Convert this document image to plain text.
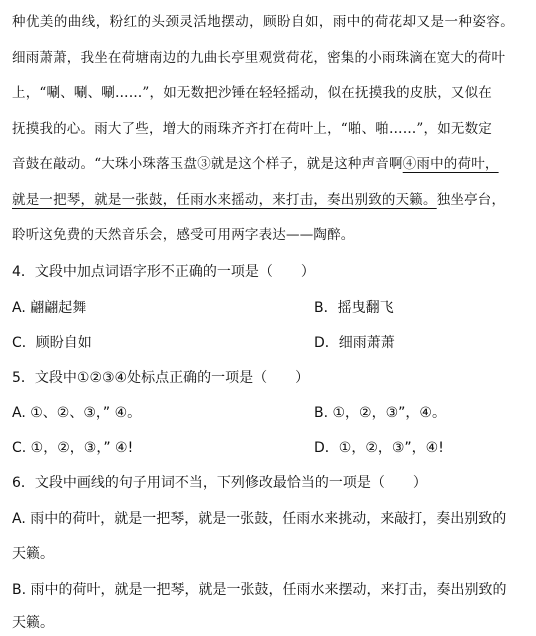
种优美的曲线，粉红的头颈灵活地摆动，顾盼自如，雨中的荷花却又是一种姿容。
细雨萧萧，我坐在荷塘南边的九曲长亭里观赏荷花，密集的小雨珠滴在宽大的荷叶
上，“唰、唰、唰……”，如无数把沙锤在轻轻摇动，似在抚摸我的皮肤，又似在
抚摸我的心。雨大了些，增大的雨珠齐齐打在荷叶上，“啪、啪……”，如无数定
音鼓在敲动。“大珠小珠落玉盘③就是这个样子，就是这种声音啊④雨中的荷叶，
就是一把琴，就是一张鼓，任雨水来摇动，来打击，奏出别致的天籁。独坐亭台，
聆听这免费的天然音乐会，感受可用两字表达——陶醉。
4．文段中加点词语字形不正确的一项是（　　）
A. 翩翩起舞	B．摇曳翻飞
C．顾盼自如	D．细雨萧萧
5．文段中①②③④处标点正确的一项是（　　）
A. ①、②、③，” ④。	B. ①，②，③”，④。
C. ①，②，③，” ④!	D．①，②，③”，④!
6．文段中画线的句子用词不当，下列修改最恰当的一项是（　　）
A. 雨中的荷叶，就是一把琴，就是一张鼓，任雨水来挑动，来敲打，奏出别致的
天籁。
B. 雨中的荷叶，就是一把琴，就是一张鼓，任雨水来摆动，来打击，奏出别致的
天籁。
